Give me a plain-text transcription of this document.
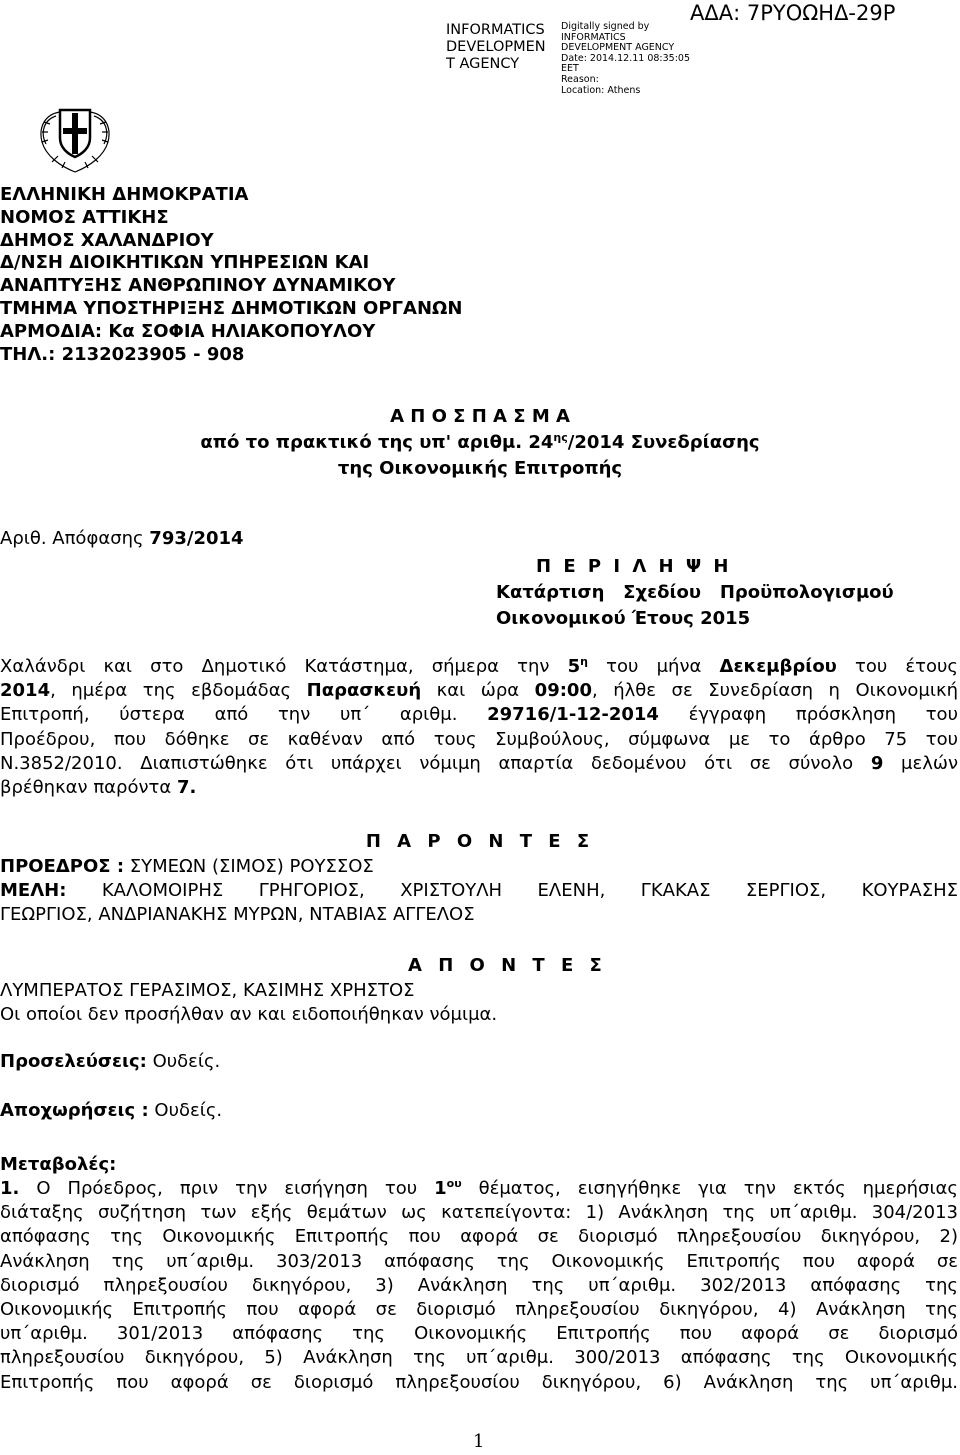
INFORMATICS
DEVELOPMEN
T AGENCY
Digitally signed by
INFORMATICS
DEVELOPMENT AGENCY
Date: 2014.12.11 08:35:05
EET
Reason:
Location: Athens
ΑΔΑ: 7ΡΥΟΩΗΔ-29Ρ
ΕΛΛΗΝΙΚΗ ΔΗΜΟΚΡΑΤΙΑ
ΝΟΜΟΣ ΑΤΤΙΚΗΣ
ΔΗΜΟΣ ΧΑΛΑΝΔΡΙΟΥ
Δ/ΝΣΗ ΔΙΟΙΚΗΤΙΚΩΝ ΥΠΗΡΕΣΙΩΝ ΚΑΙ
ΑΝΑΠΤΥΞΗΣ ΑΝΘΡΩΠΙΝΟΥ ΔΥΝΑΜΙΚΟΥ
ΤΜΗΜΑ ΥΠΟΣΤΗΡΙΞΗΣ ΔΗΜΟΤΙΚΩΝ ΟΡΓΑΝΩΝ
ΑΡΜΟΔΙΑ: Κα ΣΟΦΙΑ ΗΛΙΑΚΟΠΟΥΛΟΥ
ΤΗΛ.: 2132023905 - 908
Α Π Ο Σ Π Α Σ Μ Α
από το πρακτικό της υπ' αριθμ. $24^{\eta\varsigma}/2014$ Συνεδρίασης
της Οικονομικής Επιτροπής
Αριθ. Απόφασης 793/2014
Π Ε Ρ Ι Λ Η Ψ Η
Κατάρτιση   Σχεδίου   Προϋπολογισμού
Οικονομικού Έτους 2015
Χαλάνδρι και στο Δημοτικό Κατάστημα, σήμερα την $5^\eta$ του μήνα Δεκεμβρίου του έτους
2014, ημέρα της εβδομάδας Παρασκευή και ώρα 09:00, ήλθε σε Συνεδρίαση η Οικονομική
Επιτροπή, ύστερα από την υπ΄ αριθμ. 29716/1-12-2014 έγγραφη πρόσκληση του
Προέδρου, που δόθηκε σε καθέναν από τους Συμβούλους, σύμφωνα με το άρθρο 75 του
Ν.3852/2010. Διαπιστώθηκε ότι υπάρχει νόμιμη απαρτία δεδομένου ότι σε σύνολο 9 μελών
βρέθηκαν παρόντα 7.
Π Α Ρ Ο Ν Τ Ε Σ
ΠΡΟΕΔΡΟΣ : ΣΥΜΕΩΝ (ΣΙΜΟΣ) ΡΟΥΣΣΟΣ
ΜΕΛΗ: ΚΑΛΟΜΟΙΡΗΣ ΓΡΗΓΟΡΙΟΣ, ΧΡΙΣΤΟΥΛΗ ΕΛΕΝΗ, ΓΚΑΚΑΣ ΣΕΡΓΙΟΣ, ΚΟΥΡΑΣΗΣ
ΓΕΩΡΓΙΟΣ, ΑΝΔΡΙΑΝΑΚΗΣ ΜΥΡΩΝ, ΝΤΑΒΙΑΣ ΑΓΓΕΛΟΣ
Α Π Ο Ν Τ Ε Σ
ΛΥΜΠΕΡΑΤΟΣ ΓΕΡΑΣΙΜΟΣ, ΚΑΣΙΜΗΣ ΧΡΗΣΤΟΣ
Οι οποίοι δεν προσήλθαν αν και ειδοποιήθηκαν νόμιμα.
Προσελεύσεις: Ουδείς.
Αποχωρήσεις : Ουδείς.
Μεταβολές:
1. Ο Πρόεδρος, πριν την εισήγηση του $1^{o\upsilon}$ θέματος, εισηγήθηκε για την εκτός ημερήσιας
διάταξης συζήτηση των εξής θεμάτων ως κατεπείγοντα: 1) Ανάκληση της υπ΄αριθμ. 304/2013
απόφασης της Οικονομικής Επιτροπής που αφορά σε διορισμό πληρεξουσίου δικηγόρου, 2)
Ανάκληση της υπ΄αριθμ. 303/2013 απόφασης της Οικονομικής Επιτροπής που αφορά σε
διορισμό πληρεξουσίου δικηγόρου, 3) Ανάκληση της υπ΄αριθμ. 302/2013 απόφασης της
Οικονομικής Επιτροπής που αφορά σε διορισμό πληρεξουσίου δικηγόρου, 4) Ανάκληση της
υπ΄αριθμ. 301/2013 απόφασης της Οικονομικής Επιτροπής που αφορά σε διορισμό
πληρεξουσίου δικηγόρου, 5) Ανάκληση της υπ΄αριθμ. 300/2013 απόφασης της Οικονομικής
Επιτροπής που αφορά σε διορισμό πληρεξουσίου δικηγόρου, 6) Ανάκληση της υπ΄αριθμ.
1
